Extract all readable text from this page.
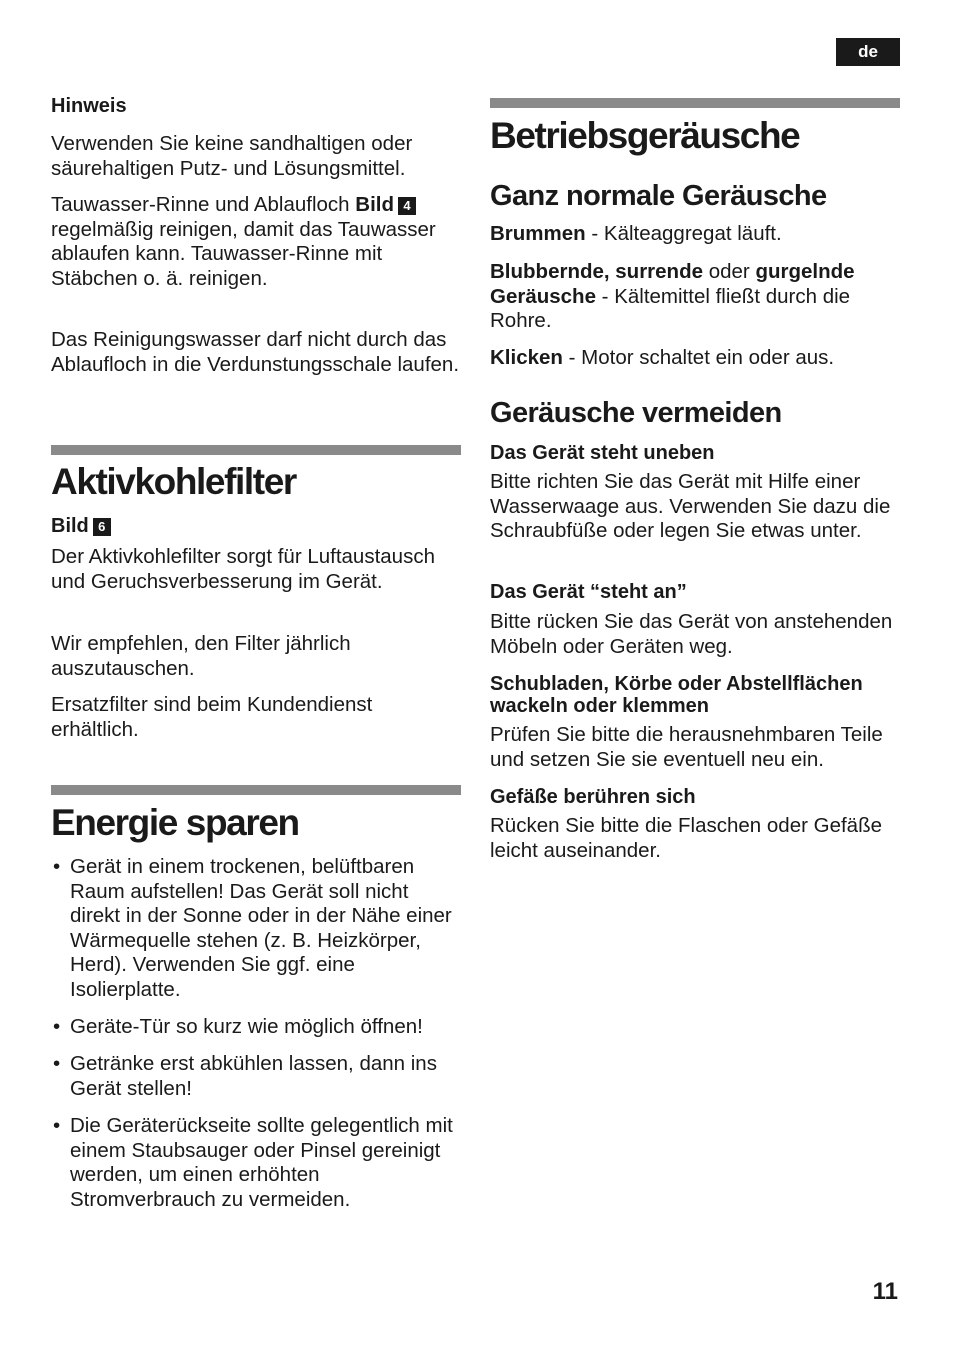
de

Hinweis

Verwenden Sie keine sandhaltigen oder säurehaltigen Putz- und Lösungsmittel.

Tauwasser-Rinne und Ablaufloch Bild 4 regelmäßig reinigen, damit das Tauwasser ablaufen kann. Tauwasser-Rinne mit Stäbchen o. ä. reinigen.

Das Reinigungswasser darf nicht durch das Ablaufloch in die Verdunstungsschale laufen.

Aktivkohlefilter

Bild 6

Der Aktivkohlefilter sorgt für Luftaustausch und Geruchsverbesserung im Gerät.

Wir empfehlen, den Filter jährlich auszutauschen.

Ersatzfilter sind beim Kundendienst erhältlich.

Energie sparen
• Gerät in einem trockenen, belüftbaren Raum aufstellen! Das Gerät soll nicht direkt in der Sonne oder in der Nähe einer Wärmequelle stehen (z. B. Heizkörper, Herd). Verwenden Sie ggf. eine Isolierplatte.
• Geräte-Tür so kurz wie möglich öffnen!
• Getränke erst abkühlen lassen, dann ins Gerät stellen!
• Die Geräterückseite sollte gelegentlich mit einem Staubsauger oder Pinsel gereinigt werden, um einen erhöhten Stromverbrauch zu vermeiden.
Betriebsgeräusche
Ganz normale Geräusche

Brummen - Kälteaggregat läuft.

Blubbernde, surrende oder gurgelnde Geräusche - Kältemittel fließt durch die Rohre.

Klicken - Motor schaltet ein oder aus.

Geräusche vermeiden

Das Gerät steht uneben

Bitte richten Sie das Gerät mit Hilfe einer Wasserwaage aus. Verwenden Sie dazu die Schraubfüße oder legen Sie etwas unter.

Das Gerät “steht an”

Bitte rücken Sie das Gerät von anstehenden Möbeln oder Geräten weg.

Schubladen, Körbe oder Abstellflächen wackeln oder klemmen

Prüfen Sie bitte die herausnehmbaren Teile und setzen Sie sie eventuell neu ein.

Gefäße berühren sich

Rücken Sie bitte die Flaschen oder Gefäße leicht auseinander.

11
